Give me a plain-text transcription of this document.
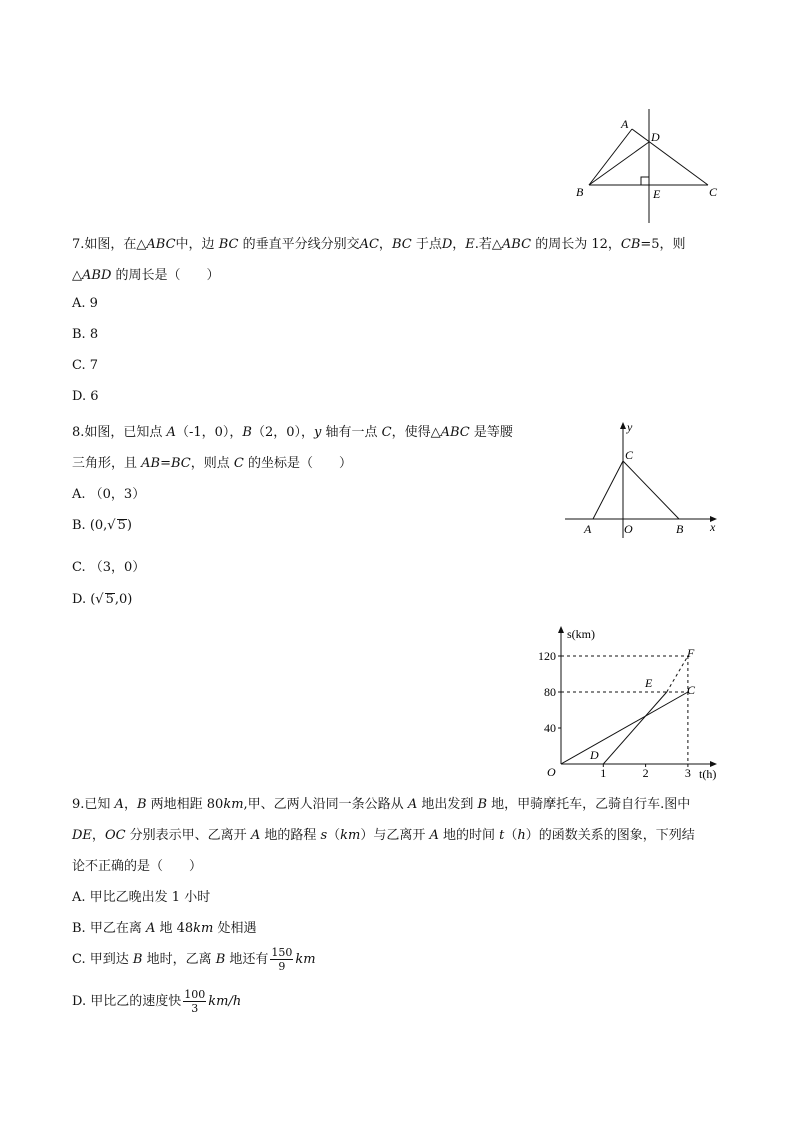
A
D
B	E	C
7.如图，在△ABC中，边 BC 的垂直平分线分别交AC，BC 于点D，E.若△ABC 的周长为 12，CB=5，则
△ABD 的周长是（　　）
A. 9
B. 8
C. 7
D. 6
8.如图，已知点 A（-1，0），B（2，0），y 轴有一点 C，使得△ABC 是等腰
三角形，且 AB=BC，则点 C 的坐标是（　　）
A. （0，3）
B. (0,√ 5)
C. （3，0）
D. (√ 5,0)
y
C
A	O	B x
s(km)
t(h)
O
120
80
40
1	2	3
D
E	C
F
9.已知 A，B 两地相距 80km,甲、乙两人沿同一条公路从 A 地出发到 B 地，甲骑摩托车，乙骑自行车.图中
DE，OC 分别表示甲、乙离开 A 地的路程 s（km）与乙离开 A 地的时间 t（h）的函数关系的图象，下列结
论不正确的是（　　）
A. 甲比乙晚出发 1 小时
B. 甲乙在离 A 地 48km 处相遇
C. 甲到达 B 地时，乙离 B 地还有 $\frac{150}{9}$ km
D. 甲比乙的速度快 $\frac{100}{3} km/h$
